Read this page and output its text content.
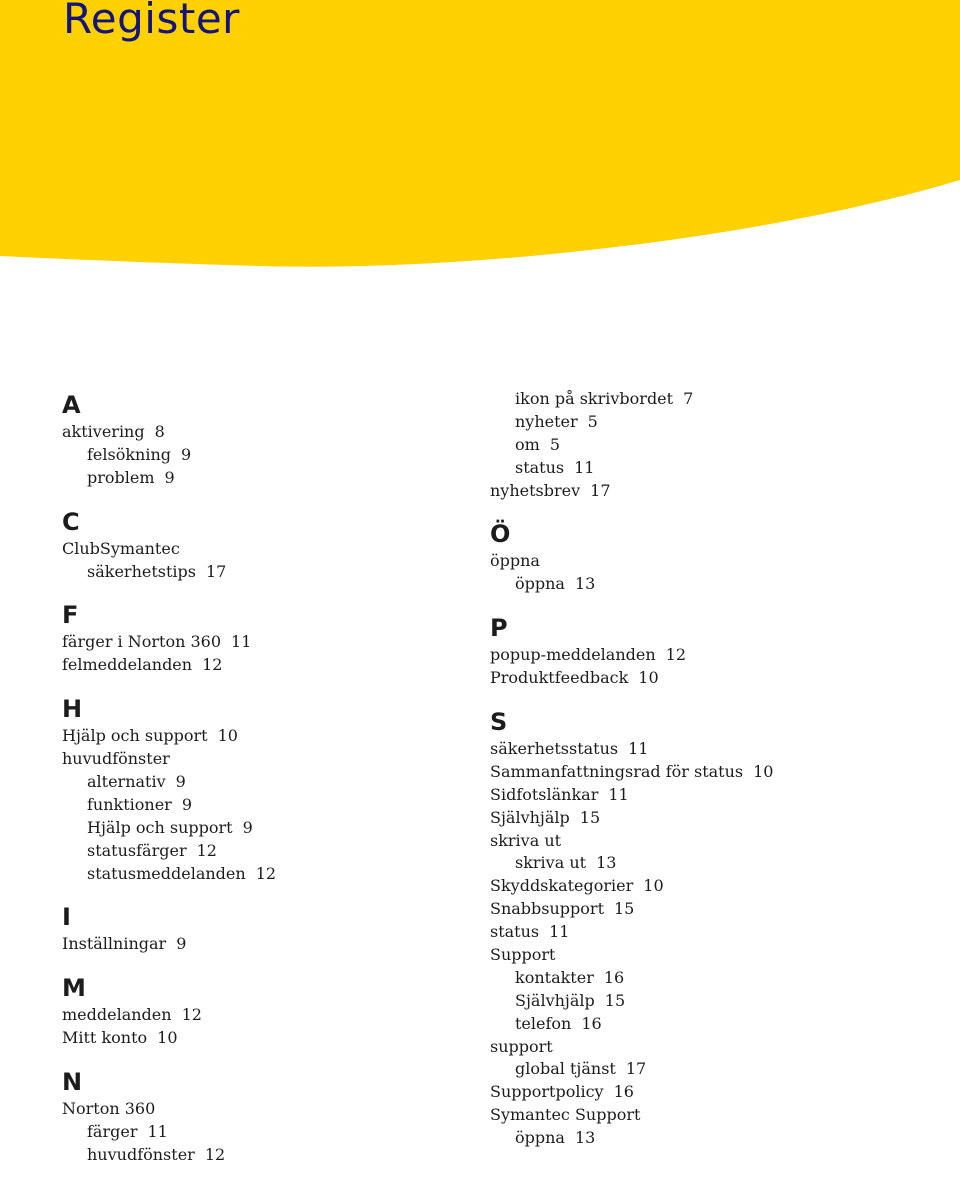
Register
A
aktivering 8
felsökning 9
problem 9
C
ClubSymantec
säkerhetstips 17
F
färger i Norton 360 11
felmeddelanden 12
H
Hjälp och support 10
huvudfönster
alternativ 9
funktioner 9
Hjälp och support 9
statusfärger 12
statusmeddelanden 12
I
Inställningar 9
M
meddelanden 12
Mitt konto 10
N
Norton 360
färger 11
huvudfönster 12
ikon på skrivbordet 7
nyheter 5
om 5
status 11
nyhetsbrev 17
Ö
öppna
öppna 13
P
popup-meddelanden 12
Produktfeedback 10
S
säkerhetsstatus 11
Sammanfattningsrad för status 10
Sidfotslänkar 11
Självhjälp 15
skriva ut
skriva ut 13
Skyddskategorier 10
Snabbsupport 15
status 11
Support
kontakter 16
Självhjälp 15
telefon 16
support
global tjänst 17
Supportpolicy 16
Symantec Support
öppna 13
